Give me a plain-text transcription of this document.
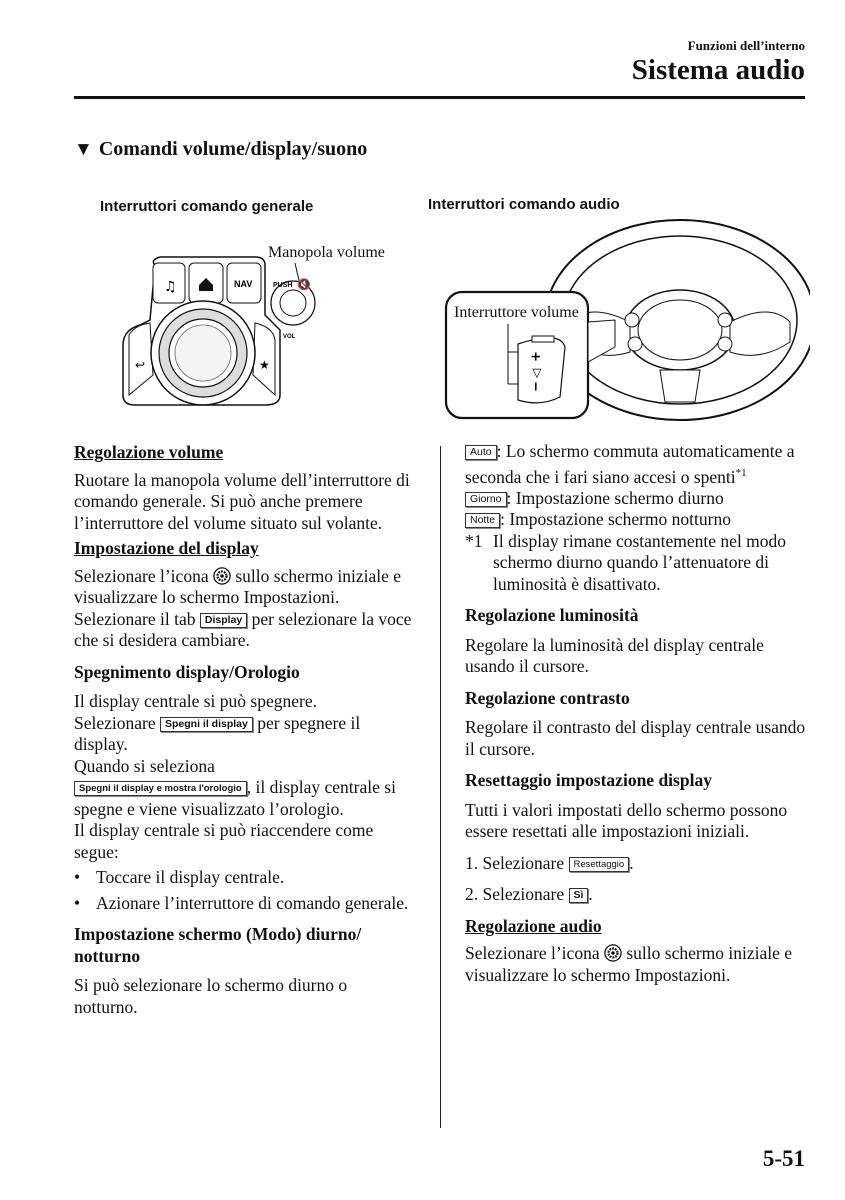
Funzioni dell’interno
Sistema audio
▼ Comandi volume/display/suono
Interruttori comando generale	Interruttori comando audio
Manopola volume
♫	NAV
↩	★
PUSH 🔇
VOL
Interruttore volume
+
◁
−

Regolazione volume

Ruotare la manopola volume dell’interruttore di comando generale. Si può anche premere l’interruttore del volume situato sul volante.

Impostazione del display

Selezionare l’icona sullo schermo iniziale e visualizzare lo schermo Impostazioni.
Selezionare il tab Display per selezionare la voce che si desidera cambiare.

Spegnimento display/Orologio

Il display centrale si può spegnere.
Selezionare Spegni il display per spegnere il display.
Quando si seleziona
Spegni il display e mostra l'orologio , il display centrale si spegne e viene visualizzato l’orologio.
Il display centrale si può riaccendere come segue:

• Toccare il display centrale.

• Azionare l’interruttore di comando generale.

Impostazione schermo (Modo) diurno/ notturno

Si può selezionare lo schermo diurno o notturno.

Auto : Lo schermo commuta automaticamente a seconda che i fari siano accesi o spenti$^{*1}$

Giorno : Impostazione schermo diurno

Notte : Impostazione schermo notturno

*1 Il display rimane costantemente nel modo schermo diurno quando l’attenuatore di luminosità è disattivato.

Regolazione luminosità

Regolare la luminosità del display centrale usando il cursore.

Regolazione contrasto

Regolare il contrasto del display centrale usando il cursore.

Resettaggio impostazione display

Tutti i valori impostati dello schermo possono essere resettati alle impostazioni iniziali.

1. Selezionare Resettaggio .

2. Selezionare Sì .

Regolazione audio

Selezionare l’icona sullo schermo iniziale e visualizzare lo schermo Impostazioni.

5-51
